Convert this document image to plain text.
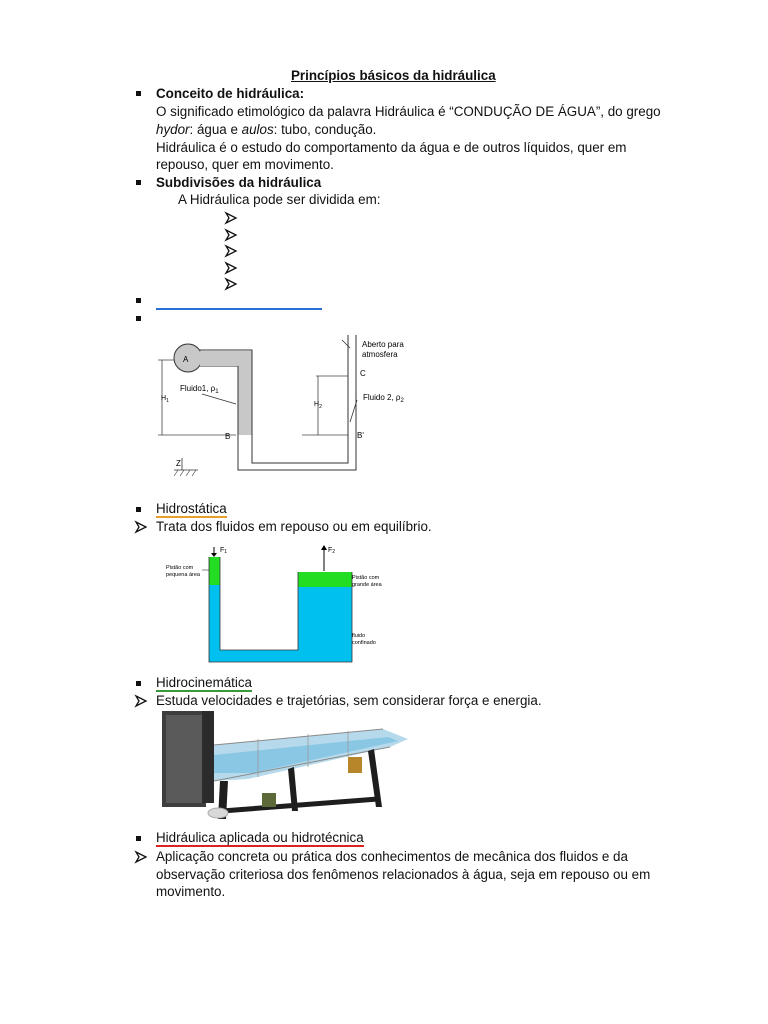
Princípios básicos da hidráulica
Conceito de hidráulica:
O significado etimológico da palavra Hidráulica é “CONDUÇÃO DE ÁGUA”, do grego
hydor: água e aulos: tubo, condução.
Hidráulica é o estudo do comportamento da água e de outros líquidos, quer em
repouso, quer em movimento.
Subdivisões da hidráulica
A Hidráulica pode ser dividida em:
A
$H_1$
Fluido1, $\rho_1$
B
Z
Aberto para
atmosfera
C
$H_2$
Fluido 2, $\rho_2$
B'
Hidrostática
Trata dos fluidos em repouso ou em equilíbrio.
F1	F2
Pistão com
pequena área	Pistão com
grande área
fluido
confinado
Hidrocinemática
Estuda velocidades e trajetórias, sem considerar força e energia.
Hidráulica aplicada ou hidrotécnica
Aplicação concreta ou prática dos conhecimentos de mecânica dos fluidos e da
observação criteriosa dos fenômenos relacionados à água, seja em repouso ou em
movimento.
